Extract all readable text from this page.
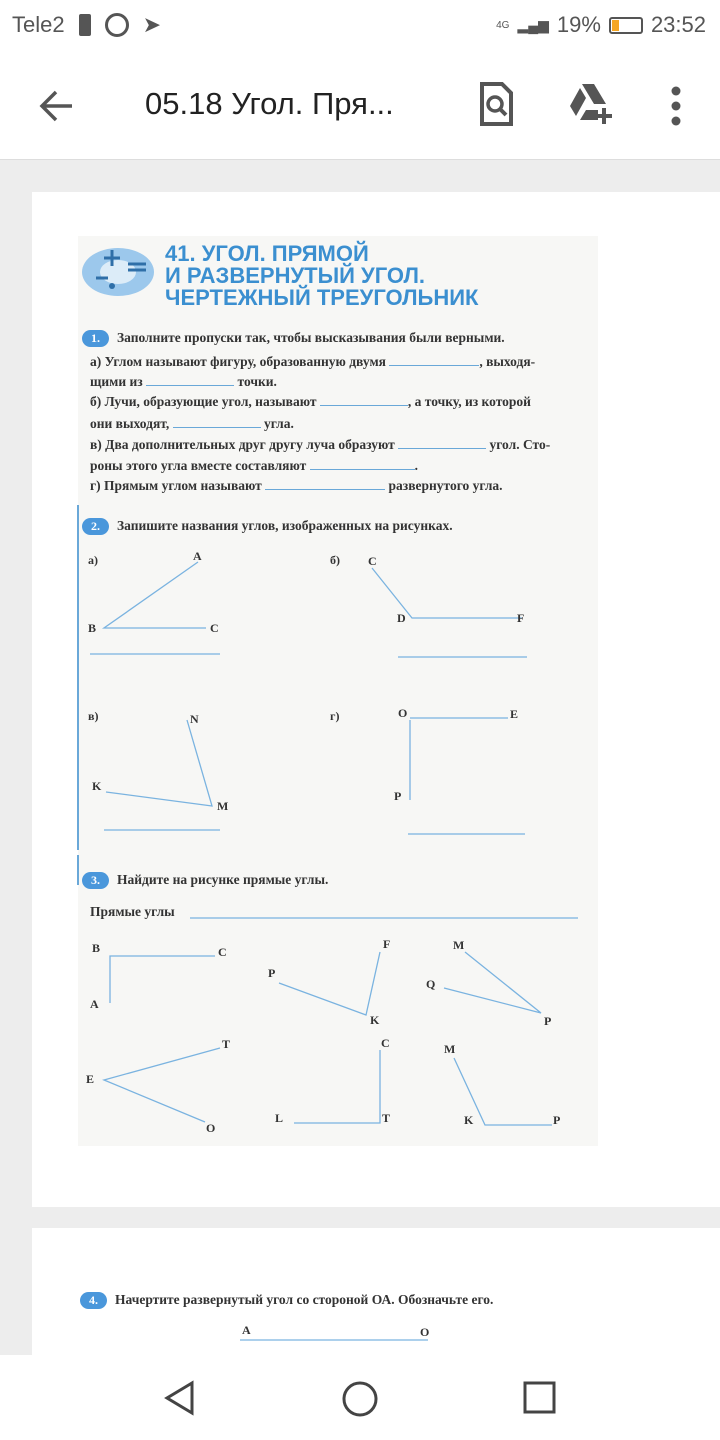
Tele2	➤	4G ▂▄▆ 19% 23:52
05.18 Угол. Пря...
41. УГОЛ. ПРЯМОЙ
И РАЗВЕРНУТЫЙ УГОЛ.
ЧЕРТЕЖНЫЙ ТРЕУГОЛЬНИК
1. Заполните пропуски так, чтобы высказывания были верными.
а) Углом называют фигуру, образованную двумя	, выходя-
щими из	точки.
б) Лучи, образующие угол, называют	, а точку, из которой
они выходят,	угла.
в) Два дополнительных друг другу луча образуют	угол. Сто-
роны этого угла вместе составляют	.
г) Прямым углом называют	развернутого угла.
2. Запишите названия углов, изображенных на рисунках.
а)	б)
в)	г)
A
B	C
C
D	F
N
K
M
O	E
P
B	C
A
F
P
K
M
Q
P
T
E
O
C
L	T
M
K	P
A	O
3. Найдите на рисунке прямые углы.
Прямые углы
4. Начертите развернутый угол со стороной ОА. Обозначьте его.
